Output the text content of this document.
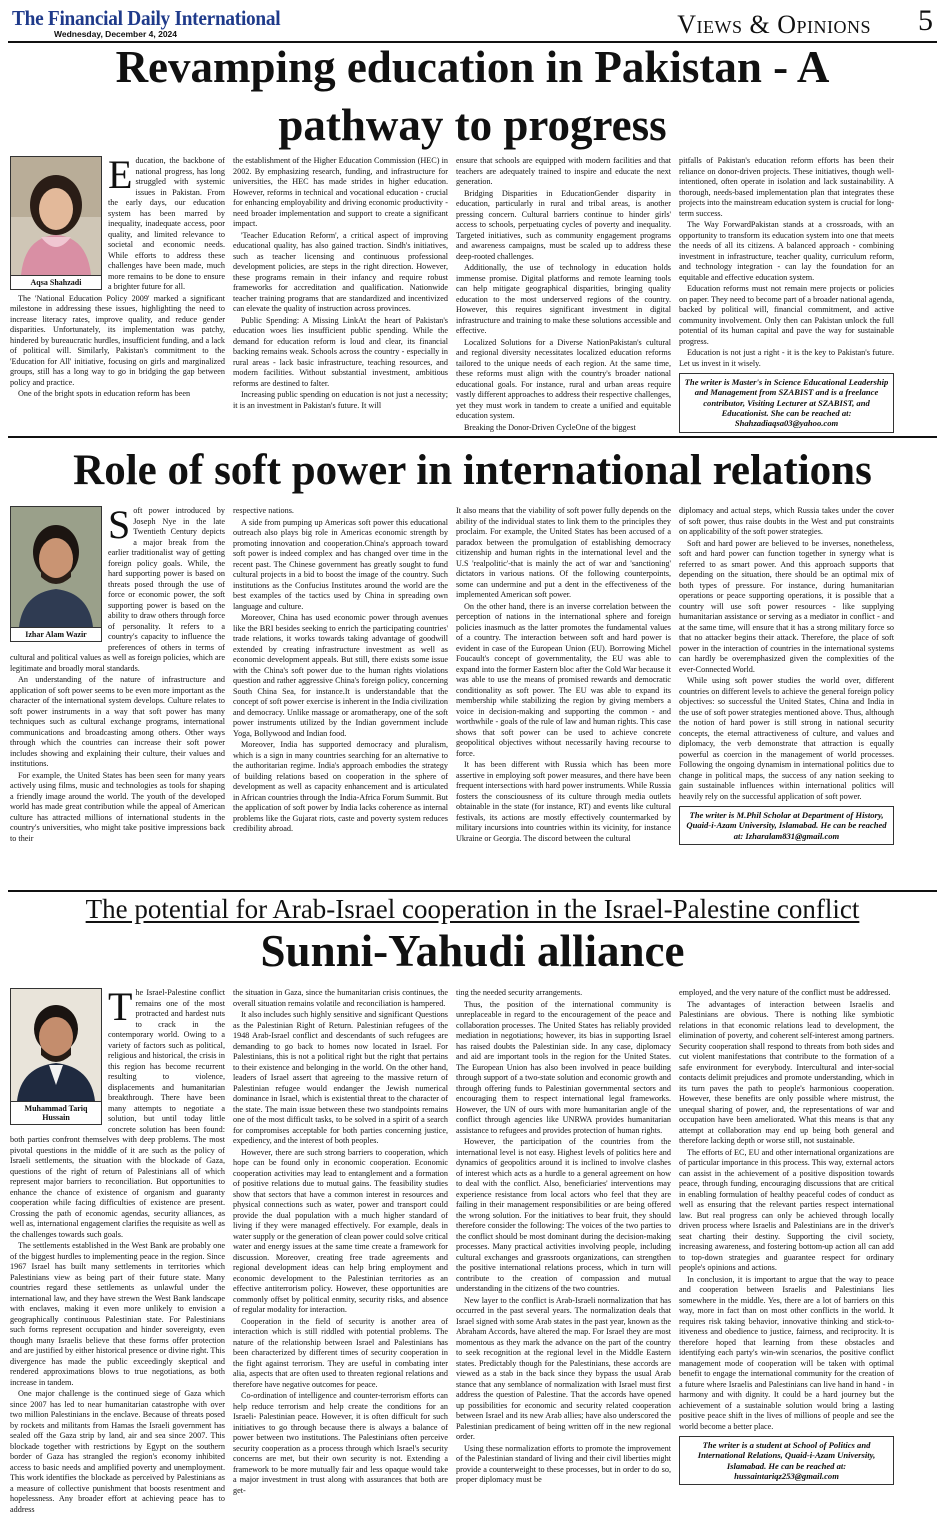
The Financial Daily International
Wednesday, December 4, 2024	Views & Opinions 5
Revamping education in Pakistan - A
pathway to progress
Aqsa Shahzadi
E ducation, the backbone of national progress, has long struggled with systemic issues in Pakistan. From the early days, our education system has been marred by inequality, inadequate access, poor quality, and limited relevance to societal and economic needs. While efforts to address these challenges have been made, much more remains to be done to ensure a brighter future for all.

The 'National Education Policy 2009' marked a significant milestone in addressing these issues, highlighting the need to increase literacy rates, improve quality, and reduce gender disparities. Unfortunately, its implementation was patchy, hindered by bureaucratic hurdles, insufficient funding, and a lack of political will. Similarly, Pakistan's commitment to the 'Education for All' initiative, focusing on girls and marginalized groups, still has a long way to go in bridging the gap between policy and practice.

One of the bright spots in education reform has been

the establishment of the Higher Education Commission (HEC) in 2002. By emphasizing research, funding, and infrastructure for universities, the HEC has made strides in higher education. However, reforms in technical and vocational education - crucial for enhancing employability and driving economic productivity - need broader implementation and support to create a significant impact.

'Teacher Education Reform', a critical aspect of improving educational quality, has also gained traction. Sindh's initiatives, such as teacher licensing and continuous professional development policies, are steps in the right direction. However, these programs remain in their infancy and require robust frameworks for accreditation and qualification. Nationwide teacher training programs that are standardized and incentivized can elevate the quality of instruction across provinces.

Public Spending: A Missing LinkAt the heart of Pakistan's education woes lies insufficient public spending. While the demand for education reform is loud and clear, its financial backing remains weak. Schools across the country - especially in rural areas - lack basic infrastructure, teaching resources, and modern facilities. Without substantial investment, ambitious reforms are destined to falter.

Increasing public spending on education is not just a necessity; it is an investment in Pakistan's future. It will

ensure that schools are equipped with modern facilities and that teachers are adequately trained to inspire and educate the next generation.

Bridging Disparities in EducationGender disparity in education, particularly in rural and tribal areas, is another pressing concern. Cultural barriers continue to hinder girls' access to schools, perpetuating cycles of poverty and inequality. Targeted initiatives, such as community engagement programs and awareness campaigns, must be scaled up to address these deep-rooted challenges.

Additionally, the use of technology in education holds immense promise. Digital platforms and remote learning tools can help mitigate geographical disparities, bringing quality education to the most underserved regions of the country. However, this requires significant investment in digital infrastructure and training to make these solutions accessible and effective.

Localized Solutions for a Diverse NationPakistan's cultural and regional diversity necessitates localized education reforms tailored to the unique needs of each region. At the same time, these reforms must align with the country's broader national educational goals. For instance, rural and urban areas require vastly different approaches to address their respective challenges, yet they must work in tandem to create a unified and equitable education system.

Breaking the Donor-Driven CycleOne of the biggest

pitfalls of Pakistan's education reform efforts has been their reliance on donor-driven projects. These initiatives, though well-intentioned, often operate in isolation and lack sustainability. A thorough, needs-based implementation plan that integrates these projects into the mainstream education system is crucial for long-term success.

The Way ForwardPakistan stands at a crossroads, with an opportunity to transform its education system into one that meets the needs of all its citizens. A balanced approach - combining investment in infrastructure, teacher quality, curriculum reform, and technology integration - can lay the foundation for an equitable and effective education system.

Education reforms must not remain mere projects or policies on paper. They need to become part of a broader national agenda, backed by political will, financial commitment, and active community involvement. Only then can Pakistan unlock the full potential of its human capital and pave the way for sustainable progress.

Education is not just a right - it is the key to Pakistan's future. Let us invest in it wisely.

The writer is Master's in Science Educational Leadership and Management from SZABIST and is a freelance contributor, Visiting Lecturer at SZABIST, and Educationist. She can be reached at: Shahzadiaqsa03@yahoo.com
Role of soft power in international relations
Izhar Alam Wazir
S oft power introduced by Joseph Nye in the late Twentieth Century depicts a major break from the earlier traditionalist way of getting foreign policy goals. While, the hard supporting power is based on threats posed through the use of force or economic power, the soft supporting power is based on the ability to draw others through force of personality. It refers to a country's capacity to influence the preferences of others in terms of cultural and political values as well as foreign policies, which are legitimate and broadly moral standards.

An understanding of the nature of infrastructure and application of soft power seems to be even more important as the character of the international system develops. Culture relates to soft power instruments in a way that soft power has many techniques such as cultural exchange programs, international communications and broadcasting among others. Other ways through which the countries can increase their soft power includes showing and explaining their culture, their values and institutions.

For example, the United States has been seen for many years actively using films, music and technologies as tools for shaping a friendly image around the world. The youth of the developed world has made great contribution while the appeal of American culture has attracted millions of international students in the country's universities, who might take positive impressions back to their

respective nations.

A side from pumping up Americas soft power this educational outreach also plays big role in Americas economic strength by promoting innovation and cooperation.China's approach toward soft power is indeed complex and has changed over time in the recent past. The Chinese government has greatly sought to fund cultural projects in a bid to boost the image of the country. Such institutions as the Confucius Institutes around the world are the best examples of the tactics used by China in spreading own language and culture.

Moreover, China has used economic power through avenues like the BRI besides seeking to enrich the participating countries' trade relations, it works towards taking advantage of goodwill extended by creating infrastructure investment as well as economic development appeals. But still, there exists some issue with the China's soft power due to the human rights violations question and rather aggressive China's foreign policy, concerning South China Sea, for instance.It is understandable that the concept of soft power exercise is inherent in the India civilization and democracy. Unlike massage or aromatherapy, one of the soft power instruments utilized by the Indian government include Yoga, Bollywood and Indian food.

Moreover, India has supported democracy and pluralism, which is a sign in many countries searching for an alternative to the authoritarian regime. India's approach embodies the strategy of building relations based on cooperation in the sphere of development as well as capacity enhancement and is articulated in African countries through the India-Africa Forum Summit. But the application of soft power by India lacks coherence as internal problems like the Gujarat riots, caste and poverty system reduces credibility abroad.

It also means that the viability of soft power fully depends on the ability of the individual states to link them to the principles they proclaim. For example, the United States has been accused of a paradox between the promulgation of establishing democracy citizenship and human rights in the international level and the U.S 'realpolitic'-that is mainly the act of war and 'sanctioning' dictators in various nations. Of the following counterpoints, some can undermine and put a dent in the effectiveness of the implemented American soft power.

On the other hand, there is an inverse correlation between the perception of nations in the international sphere and foreign policies inasmuch as the latter promotes the fundamental values of a country. The interaction between soft and hard power is evident in case of the European Union (EU). Borrowing Michel Foucault's concept of governmentality, the EU was able to expand into the former Eastern bloc after the Cold War because it was able to use the means of promised rewards and democratic conditionality as soft power. The EU was able to expand its membership while stabilizing the region by giving members a voice in decision-making and supporting the common - and worthwhile - goals of the rule of law and human rights. This case shows that soft power can be used to achieve concrete geopolitical objectives without necessarily having recourse to force.

It has been different with Russia which has been more assertive in employing soft power measures, and there have been frequent intersections with hard power instruments. While Russia fosters the consciousness of its culture through media outlets obtainable in the state (for instance, RT) and events like cultural festivals, its actions are mostly effectively countermarked by military incursions into countries within its vicinity, for instance Ukraine or Georgia. The discord between the cultural

diplomacy and actual steps, which Russia takes under the cover of soft power, thus raise doubts in the West and put constraints on applicability of the soft power strategies.

Soft and hard power are believed to be inverses, nonetheless, soft and hard power can function together in synergy what is referred to as smart power. And this approach supports that depending on the situation, there should be an optimal mix of both types of pressure. For instance, during humanitarian operations or peace supporting operations, it is possible that a country will use soft power resources - like supplying humanitarian assistance or serving as a mediator in conflict - and at the same time, will ensure that it has a strong military force so that no attacker begins their attack. Therefore, the place of soft power in the interaction of countries in the international systems can hardly be overemphasized given the complexities of the ever-Connected World.

While using soft power studies the world over, different countries on different levels to achieve the general foreign policy objectives: so successful the United States, China and India in the use of soft power strategies mentioned above. Thus, although the notion of hard power is still strong in national security concepts, the eternal attractiveness of culture, and values and diplomacy, the verb demonstrate that attraction is equally powerful as coercion in the management of world processes. Following the ongoing dynamism in international politics due to change in political maps, the success of any nation seeking to gain sustainable influences within international politics will heavily rely on the successful application of soft power.

The writer is M.Phil Scholar at Department of History, Quaid-i-Azam University, Islamabad. He can be reached at: Izharalam831@gmail.com
The potential for Arab-Israel cooperation in the Israel-Palestine conflict
Sunni-Yahudi alliance
Muhammad Tariq Hussain
T he Israel-Palestine conflict remains one of the most protracted and hardest nuts to crack in the contemporary world. Owing to a variety of factors such as political, religious and historical, the crisis in this region has become recurrent resulting to violence, displacements and humanitarian breakthrough. There have been many attempts to negotiate a solution, but until today little concrete solution has been found: both parties confront themselves with deep problems. The most pivotal questions in the middle of it are such as the policy of Israeli settlements, the situation with the blockade of Gaza, questions of the right of return of Palestinians all of which represent major barriers to reconciliation. But opportunities to enhance the chance of existence of organism and guaranty cooperation while facing difficulties of existence are present. Crossing the path of economic agendas, security alliances, as well as, international engagement clarifies the requisite as well as the challenges towards such goals.

The settlements established in the West Bank are probably one of the biggest hurdles to implementing peace in the region. Since 1967 Israel has built many settlements in territories which Palestinians view as being part of their future state. Many countries regard these settlements as unlawful under the international law, and they have strewn the West Bank landscape with enclaves, making it even more unlikely to envision a geographically continuous Palestinian state. For Palestinians such forms represent occupation and hinder sovereignty, even though many Israelis believe that these forms offer protection and are justified by either historical presence or divine right. This divergence has made the public exceedingly skeptical and rendered approximations blows to true negotiations, as both increase in tandem.

One major challenge is the continued siege of Gaza which since 2007 has led to near humanitarian catastrophe with over two million Palestinians in the enclave. Because of threats posed by rockets and militants from Hamas the Israeli government has sealed off the Gaza strip by land, air and sea since 2007. This blockade together with restrictions by Egypt on the southern border of Gaza has strangled the region's economy inhibited access to basic needs and amplified poverty and unemployment. This work identifies the blockade as perceived by Palestinians as a measure of collective punishment that boosts resentment and hopelessness. Any broader effort at achieving peace has to address

the situation in Gaza, since the humanitarian crisis continues, the overall situation remains volatile and reconciliation is hampered.

It also includes such highly sensitive and significant Questions as the Palestinian Right of Return. Palestinian refugees of the 1948 Arab-Israel conflict and descendants of such refugees are demanding to go back to homes now located in Israel. For Palestinians, this is not a political right but the right that pertains to their existence and belonging in the world. On the other hand, leaders of Israel assert that agreeing to the massive return of Palestinian refugee would endanger the Jewish numerical dominance in Israel, which is existential threat to the character of the state. The main issue between these two standpoints remains one of the most difficult tasks, to be solved in a spirit of a search for compromises acceptable for both parties concerning justice, expediency, and the interest of both peoples.

However, there are such strong barriers to cooperation, which hope can be found only in economic cooperation. Economic cooperation activities may lead to entanglement and a formation of positive relations due to mutual gains. The feasibility studies show that sectors that have a common interest in resources and physical connections such as water, power and transport could provide the dual population with a much higher standard of living if they were managed effectively. For example, deals in water supply or the generation of clean power could solve critical water and energy issues at the same time create a framework for discussion. Moreover, creating free trade agreements and regional development ideas can help bring employment and economic development to the Palestinian territories as an effective antiterrorism policy. However, these opportunities are commonly offset by political enmity, security risks, and absence of regular modality for interaction.

Cooperation in the field of security is another area of interaction which is still riddled with potential problems. The nature of the relationship between Israel and Palestinians has been characterized by different times of security cooperation in the fight against terrorism. They are useful in combating inter alia, aspects that are often used to threaten regional relations and therefore have negative outcomes for peace.

Co-ordination of intelligence and counter-terrorism efforts can help reduce terrorism and help create the conditions for an Israeli- Palestinian peace. However, it is often difficult for such initiatives to go through because there is always a balance of power between two institutions. The Palestinians often perceive security cooperation as a process through which Israel's security concerns are met, but their own security is not. Extending a framework to be more mutually fair and less opaque would take a major investment in trust along with assurances that both are get-

ting the needed security arrangements.

Thus, the position of the international community is unreplaceable in regard to the encouragement of the peace and collaboration processes. The United States has reliably provided mediation in negotiations; however, its bias in supporting Israel has raised doubts the Palestinian side. In any case, diplomacy and aid are important tools in the region for the United States. The European Union has also been involved in peace building through support of a two-state solution and economic growth and through offering funds to Palestinian governmental sectors and encouraging them to respect international legal frameworks. However, the UN of ours with more humanitarian angle of the conflict through agencies like UNRWA provides humanitarian assistance to refugees and provides protection of human rights.

However, the participation of the countries from the international level is not easy. Highest levels of politics here and dynamics of geopolitics around it is inclined to involve clashes of interest which acts as a hurdle to a general agreement on how to deal with the conflict. Also, beneficiaries' interventions may experience resistance from local actors who feel that they are failing in their management responsibilities or are being offered the wrong solution. For the initiatives to bear fruit, they should therefore consider the following: The voices of the two parties to the conflict should be most dominant during the decision-making processes. Many practical activities involving people, including cultural exchanges and grassroots organizations, can strengthen the positive international relations process, which in turn will contribute to the creation of compassion and mutual understanding in the citizens of the two countries.

New layer to the conflict is Arab-Israeli normalization that has occurred in the past several years. The normalization deals that Israel signed with some Arab states in the past year, known as the Abraham Accords, have altered the map. For Israel they are most momentous as they mark the advance on the part of the country to seek recognition at the regional level in the Middle Eastern states. Predictably though for the Palestinians, these accords are viewed as a stab in the back since they bypass the usual Arab stance that any semblance of normalization with Israel must first address the question of Palestine. That the accords have opened up possibilities for economic and security related cooperation between Israel and its new Arab allies; have also underscored the Palestinian predicament of being written off in the new regional order.

Using these normalization efforts to promote the improvement of the Palestinian standard of living and their civil liberties might provide a counterweight to these processes, but in order to do so, proper diplomacy must be

employed, and the very nature of the conflict must be addressed.

The advantages of interaction between Israelis and Palestinians are obvious. There is nothing like symbiotic relations in that economic relations lead to development, the elimination of poverty, and coherent self-interest among partners. Security cooperation shall respond to threats from both sides and cut violent manifestations that contribute to the formation of a safe environment for everybody. Intercultural and inter-social contacts delimit prejudices and promote understanding, which in its turn paves the path to people's harmonious cooperation. However, these benefits are only possible where mistrust, the unequal sharing of power, and, the representations of war and occupation have been ameliorated. What this means is that any attempt at collaboration may end up being both general and therefore lacking depth or worse still, not sustainable.

The efforts of EC, EU and other international organizations are of particular importance in this process. This way, external actors can assist in the achievement of a positive disposition towards peace, through funding, encouraging discussions that are critical in enabling formulation of healthy peaceful codes of conduct as well as ensuring that the relevant parties respect international law. But real progress can only be achieved through locally driven process where Israelis and Palestinians are in the driver's seat charting their destiny. Supporting the civil society, increasing awareness, and fostering bottom-up action all can add to top-down strategies and guarantee respect for ordinary people's opinions and actions.

In conclusion, it is important to argue that the way to peace and cooperation between Israelis and Palestinians lies somewhere in the middle. Yes, there are a lot of barriers on this way, more in fact than on most other conflicts in the world. It requires risk taking behavior, innovative thinking and stick-to-itiveness and obedience to justice, fairness, and reciprocity. It is therefore hoped that learning from these obstacles and identifying each party's win-win scenarios, the positive conflict management mode of cooperation will be taken with optimal benefit to engage the international community for the creation of a future where Israelis and Palestinians can live hand in hand - in harmony and with dignity. It could be a hard journey but the achievement of a sustainable solution would bring a lasting positive peace shift in the lives of millions of people and see the world become a better place.

The writer is a student at School of Politics and International Relations, Quaid-i-Azam University, Islamabad. He can be reached at: hussaintariqz253@gmail.com
